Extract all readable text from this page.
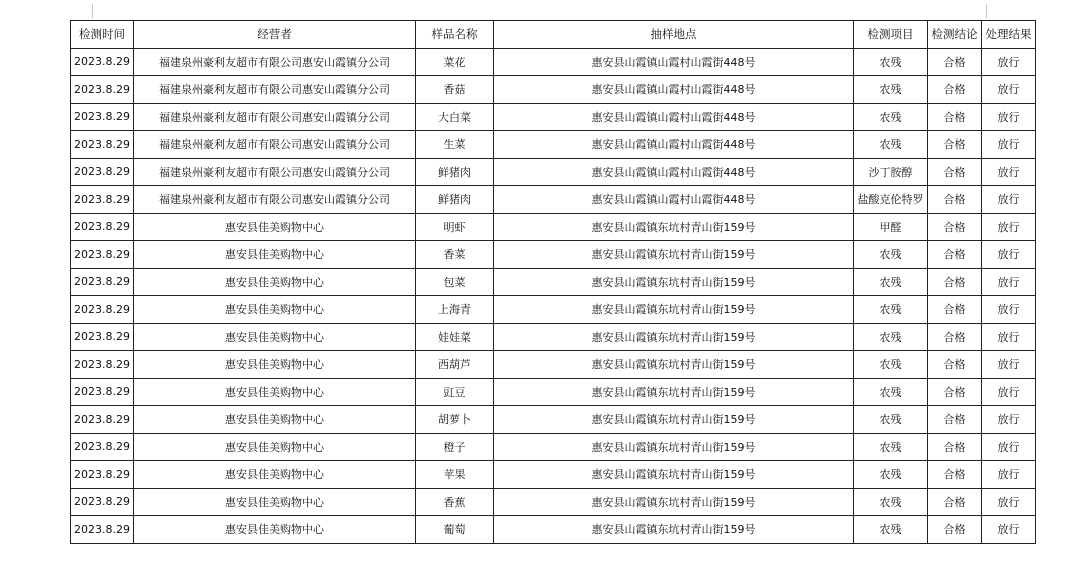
检测时间	经营者	样品名称	抽样地点	检测项目	检测结论	处理结果
2023.8.29	福建泉州豪利友超市有限公司惠安山霞镇分公司	菜花	惠安县山霞镇山霞村山霞街448号	农残	合格	放行
2023.8.29	福建泉州豪利友超市有限公司惠安山霞镇分公司	香菇	惠安县山霞镇山霞村山霞街448号	农残	合格	放行
2023.8.29	福建泉州豪利友超市有限公司惠安山霞镇分公司	大白菜	惠安县山霞镇山霞村山霞街448号	农残	合格	放行
2023.8.29	福建泉州豪利友超市有限公司惠安山霞镇分公司	生菜	惠安县山霞镇山霞村山霞街448号	农残	合格	放行
2023.8.29	福建泉州豪利友超市有限公司惠安山霞镇分公司	鲜猪肉	惠安县山霞镇山霞村山霞街448号	沙丁胺醇	合格	放行
2023.8.29	福建泉州豪利友超市有限公司惠安山霞镇分公司	鲜猪肉	惠安县山霞镇山霞村山霞街448号	盐酸克伦特罗	合格	放行
2023.8.29	惠安县佳美购物中心	明虾	惠安县山霞镇东坑村青山街159号	甲醛	合格	放行
2023.8.29	惠安县佳美购物中心	香菜	惠安县山霞镇东坑村青山街159号	农残	合格	放行
2023.8.29	惠安县佳美购物中心	包菜	惠安县山霞镇东坑村青山街159号	农残	合格	放行
2023.8.29	惠安县佳美购物中心	上海青	惠安县山霞镇东坑村青山街159号	农残	合格	放行
2023.8.29	惠安县佳美购物中心	娃娃菜	惠安县山霞镇东坑村青山街159号	农残	合格	放行
2023.8.29	惠安县佳美购物中心	西葫芦	惠安县山霞镇东坑村青山街159号	农残	合格	放行
2023.8.29	惠安县佳美购物中心	豇豆	惠安县山霞镇东坑村青山街159号	农残	合格	放行
2023.8.29	惠安县佳美购物中心	胡萝卜	惠安县山霞镇东坑村青山街159号	农残	合格	放行
2023.8.29	惠安县佳美购物中心	橙子	惠安县山霞镇东坑村青山街159号	农残	合格	放行
2023.8.29	惠安县佳美购物中心	苹果	惠安县山霞镇东坑村青山街159号	农残	合格	放行
2023.8.29	惠安县佳美购物中心	香蕉	惠安县山霞镇东坑村青山街159号	农残	合格	放行
2023.8.29	惠安县佳美购物中心	葡萄	惠安县山霞镇东坑村青山街159号	农残	合格	放行
